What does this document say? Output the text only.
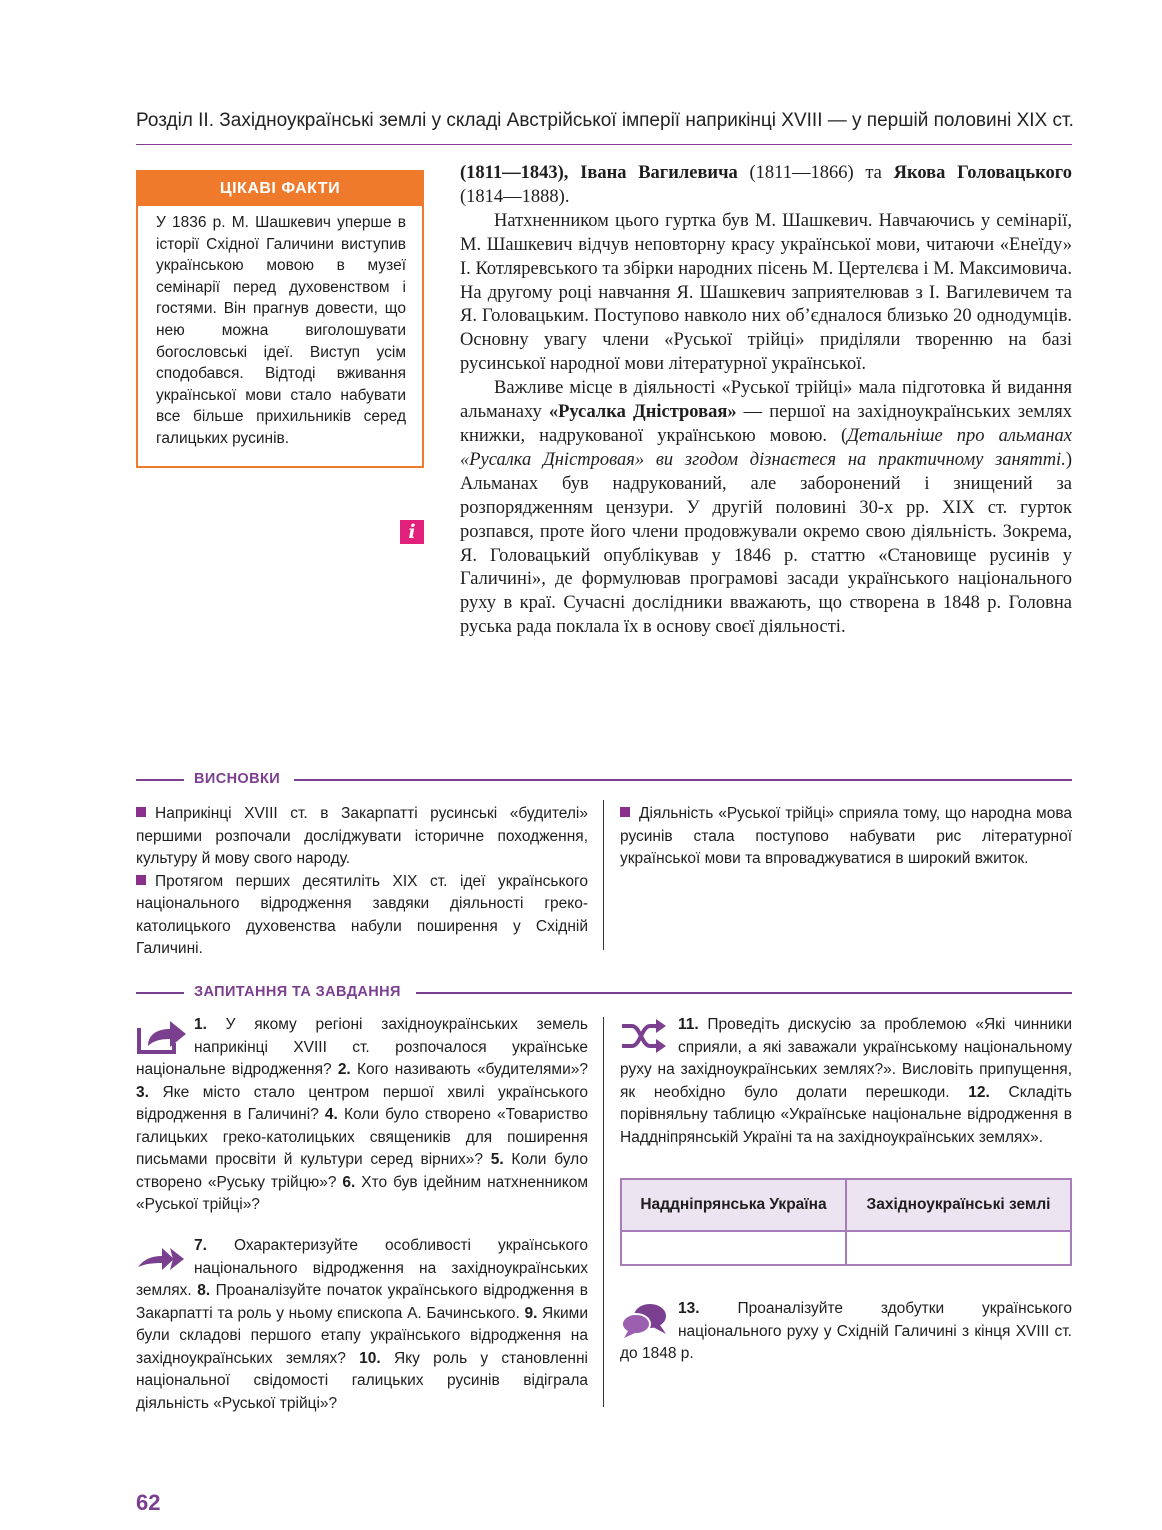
Розділ II. Західноукраїнські землі у складі Австрійської імперії наприкінці XVIII — у першій половині XIX ст.
ЦІКАВІ ФАКТИ
У 1836 р. М. Шашкевич уперше в історії Східної Галичини виступив українською мовою в музеї семінарії перед духовенством і гостями. Він прагнув довести, що нею можна виголошувати богословські ідеї. Виступ усім сподобався. Відтоді вживання української мови стало набувати все більше прихильників серед галицьких русинів.
i

(1811—1843), Івана Вагилевича (1811—1866) та Якова Головацького (1814—1888).

Натхненником цього гуртка був М. Шашкевич. Навчаючись у семінарії, М. Шашкевич відчув неповторну красу української мови, читаючи «Енеїду» І. Котляревського та збірки народних пісень М. Цертелєва і М. Максимовича. На другому році навчання Я. Шашкевич заприятелював з І. Вагилевичем та Я. Головацьким. Поступово навколо них об’єдналося близько 20 однодумців. Основну увагу члени «Руської трійці» приділяли творенню на базі русинської народної мови літературної української.

Важливе місце в діяльності «Руської трійці» мала підготовка й видання альманаху «Русалка Дністровая» — першої на західноукраїнських землях книжки, надрукованої українською мовою. (Детальніше про альманах «Русалка Дністровая» ви згодом дізнаєтеся на практичному занятті.) Альманах був надрукований, але заборонений і знищений за розпорядженням цензури. У другій половині 30-х рр. XIX ст. гурток розпався, проте його члени продовжували окремо свою діяльність. Зокрема, Я. Головацький опублікував у 1846 р. статтю «Становище русинів у Галичині», де формулював програмові засади українського національного руху в краї. Сучасні дослідники вважають, що створена в 1848 р. Головна руська рада поклала їх в основу своєї діяльності.

ВИСНОВКИ

Наприкінці XVIII ст. в Закарпатті русинські «будителі» першими розпочали досліджувати історичне походження, культуру й мову свого народу.

Протягом перших десятиліть XIX ст. ідеї українського національного відродження завдяки діяльності греко-католицького духовенства набули поширення у Східній Галичині.

Діяльність «Руської трійці» сприяла тому, що народна мова русинів стала поступово набувати рис літературної української мови та впроваджуватися в широкий вжиток.

ЗАПИТАННЯ ТА ЗАВДАННЯ

1. У якому регіоні західноукраїнських земель наприкінці XVIII ст. розпочалося українське національне відродження? 2. Кого називають «будителями»? 3. Яке місто стало центром першої хвилі українського відродження в Галичині? 4. Коли було створено «Товариство галицьких греко-католицьких священиків для поширення письмами просвіти й культури серед вірних»? 5. Коли було створено «Руську трійцю»? 6. Хто був ідейним натхненником «Руської трійці»?

7. Охарактеризуйте особливості українського національного відродження на західноукраїнських землях. 8. Проаналізуйте початок українського відродження в Закарпатті та роль у ньому єпископа А. Бачинського. 9. Якими були складові першого етапу українського відродження на західноукраїнських землях? 10. Яку роль у становленні національної свідомості галицьких русинів відіграла діяльність «Руської трійці»?

11. Проведіть дискусію за проблемою «Які чинники сприяли, а які заважали українському національному руху на західноукраїнських землях?». Висловіть припущення, як необхідно було долати перешкоди. 12. Складіть порівняльну таблицю «Українське національне відродження в Наддніпрянській Україні та на західноукраїнських землях».

Наддніпрянська Україна	Західноукраїнські землі

13. Проаналізуйте здобутки українського національного руху у Східній Галичині з кінця XVIII ст. до 1848 р.

62
